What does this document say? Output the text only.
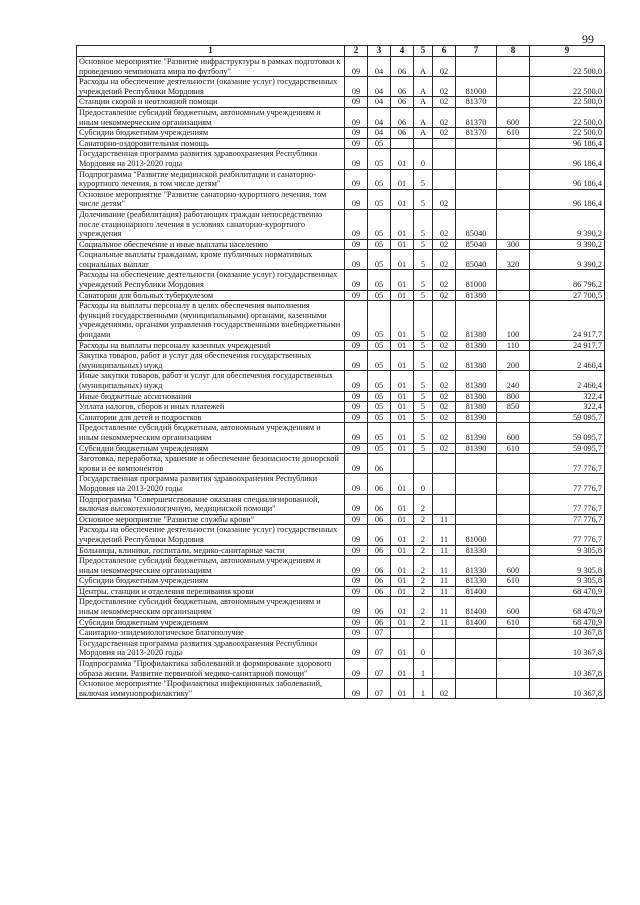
99
1	2	3	4	5	6	7	8	9
Основное мероприятие "Развитие инфраструктуры в рамках подготовки к проведению чемпионата мира по футболу"	09	04	06	А	02			22 500,0
Расходы на обеспечение деятельности (оказание услуг) государственных учреждений Республики Мордовия	09	04	06	А	02	81000		22 500,0
Станции скорой и неотложной помощи	09	04	06	А	02	81370		22 500,0
Предоставление субсидий бюджетным, автономным учреждениям и иным некоммерческим организациям	09	04	06	А	02	81370	600	22 500,0
Субсидии бюджетным учреждениям	09	04	06	А	02	81370	610	22 500,0
Санаторно-оздоровительная помощь	09	05						96 186,4
Государственная программа развития здравоохранения Республики Мордовия на 2013-2020 годы	09	05	01	0				96 186,4
Подпрограмма "Развитие медицинской реабилитации и санаторно-курортного лечения, в том числе детям"	09	05	01	5				96 186,4
Основное мероприятие "Развитие санаторно-курортного лечения, том числе детям"	09	05	01	5	02			96 186,4
Долечивание (реабилитация) работающих граждан непосредственно после стационарного лечения в условиях санаторно-курортного учреждения	09	05	01	5	02	85040		9 390,2
Социальное обеспечение и иные выплаты населению	09	05	01	5	02	85040	300	9 390,2
Социальные выплаты гражданам, кроме публичных нормативных социальных выплат	09	05	01	5	02	85040	320	9 390,2
Расходы на обеспечение деятельности (оказание услуг) государственных учреждений Республики Мордовия	09	05	01	5	02	81000		86 796,2
Санатории для больных туберкулезом	09	05	01	5	02	81380		27 700,5
Расходы на выплаты персоналу в целях обеспечения выполнения функций государственными (муниципальными) органами, казенными учреждениями, органами управления государственными внебюджетными фондами	09	05	01	5	02	81380	100	24 917,7
Расходы на выплаты персоналу казенных учреждений	09	05	01	5	02	81380	110	24 917,7
Закупка товаров, работ и услуг для обеспечения государственных (муниципальных) нужд	09	05	01	5	02	81380	200	2 460,4
Иные закупки товаров, работ и услуг для обеспечения государственных (муниципальных) нужд	09	05	01	5	02	81380	240	2 460,4
Иные бюджетные ассигнования	09	05	01	5	02	81380	800	322,4
Уплата налогов, сборов и иных платежей	09	05	01	5	02	81380	850	322,4
Санатории для детей и подростков	09	05	01	5	02	81390		59 095,7
Предоставление субсидий бюджетным, автономным учреждениям и иным некоммерческим организациям	09	05	01	5	02	81390	600	59 095,7
Субсидии бюджетным учреждениям	09	05	01	5	02	81390	610	59 095,7
Заготовка, переработка, хранение и обеспечение безопасности донорской крови и ее компонентов	09	06						77 776,7
Государственная программа развития здравоохранения Республики Мордовия на 2013-2020 годы	09	06	01	0				77 776,7
Подпрограмма "Совершенствование оказания специализированной, включая высокотехнологичную, медицинской помощи"	09	06	01	2				77 776,7
Основное мероприятие "Развитие службы крови"	09	06	01	2	11			77 776,7
Расходы на обеспечение деятельности (оказание услуг) государственных учреждений Республики Мордовия	09	06	01	2	11	81000		77 776,7
Больницы, клиники, госпитали, медико-санитарные части	09	06	01	2	11	81330		9 305,8
Предоставление субсидий бюджетным, автономным учреждениям и иным некоммерческим организациям	09	06	01	2	11	81330	600	9 305,8
Субсидии бюджетным учреждениям	09	06	01	2	11	81330	610	9 305,8
Центры, станции и отделения переливания крови	09	06	01	2	11	81400		68 470,9
Предоставление субсидий бюджетным, автономным учреждениям и иным некоммерческим организациям	09	06	01	2	11	81400	600	68 470,9
Субсидии бюджетным учреждениям	09	06	01	2	11	81400	610	68 470,9
Санитарно-эпидемиологическое благополучие	09	07						10 367,8
Государственная программа развития здравоохранения Республики Мордовия на 2013-2020 годы	09	07	01	0				10 367,8
Подпрограмма "Профилактика заболеваний и формирование здорового образа жизни. Развитие первичной медико-санитарной помощи"	09	07	01	1				10 367,8
Основное мероприятие "Профилактика инфекционных заболеваний, включая иммунопрофилактику"	09	07	01	1	02			10 367,8
